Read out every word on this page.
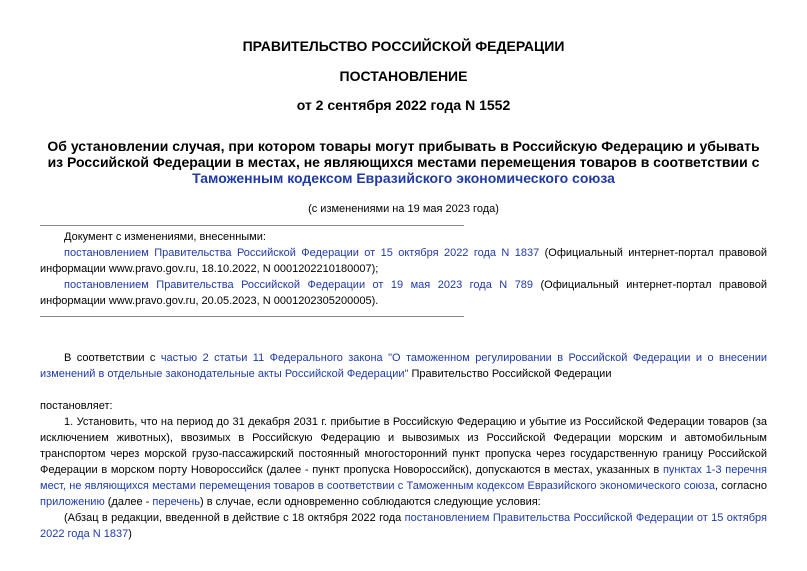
ПРАВИТЕЛЬСТВО РОССИЙСКОЙ ФЕДЕРАЦИИ
ПОСТАНОВЛЕНИЕ
от 2 сентября 2022 года N 1552
Об установлении случая, при котором товары могут прибывать в Российскую Федерацию и убывать из Российской Федерации в местах, не являющихся местами перемещения товаров в соответствии с Таможенным кодексом Евразийского экономического союза
(с изменениями на 19 мая 2023 года)
Документ с изменениями, внесенными:
постановлением Правительства Российской Федерации от 15 октября 2022 года N 1837 (Официальный интернет-портал правовой информации www.pravo.gov.ru, 18.10.2022, N 0001202210180007);
постановлением Правительства Российской Федерации от 19 мая 2023 года N 789 (Официальный интернет-портал правовой информации www.pravo.gov.ru, 20.05.2023, N 0001202305200005).
В соответствии с частью 2 статьи 11 Федерального закона "О таможенном регулировании в Российской Федерации и о внесении изменений в отдельные законодательные акты Российской Федерации" Правительство Российской Федерации
постановляет:
1. Установить, что на период до 31 декабря 2031 г. прибытие в Российскую Федерацию и убытие из Российской Федерации товаров (за исключением животных), ввозимых в Российскую Федерацию и вывозимых из Российской Федерации морским и автомобильным транспортом через морской грузо-пассажирский постоянный многосторонний пункт пропуска через государственную границу Российской Федерации в морском порту Новороссийск (далее - пункт пропуска Новороссийск), допускаются в местах, указанных в пунктах 1-3 перечня мест, не являющихся местами перемещения товаров в соответствии с Таможенным кодексом Евразийского экономического союза, согласно приложению (далее - перечень) в случае, если одновременно соблюдаются следующие условия:
(Абзац в редакции, введенной в действие с 18 октября 2022 года постановлением Правительства Российской Федерации от 15 октября 2022 года N 1837)
